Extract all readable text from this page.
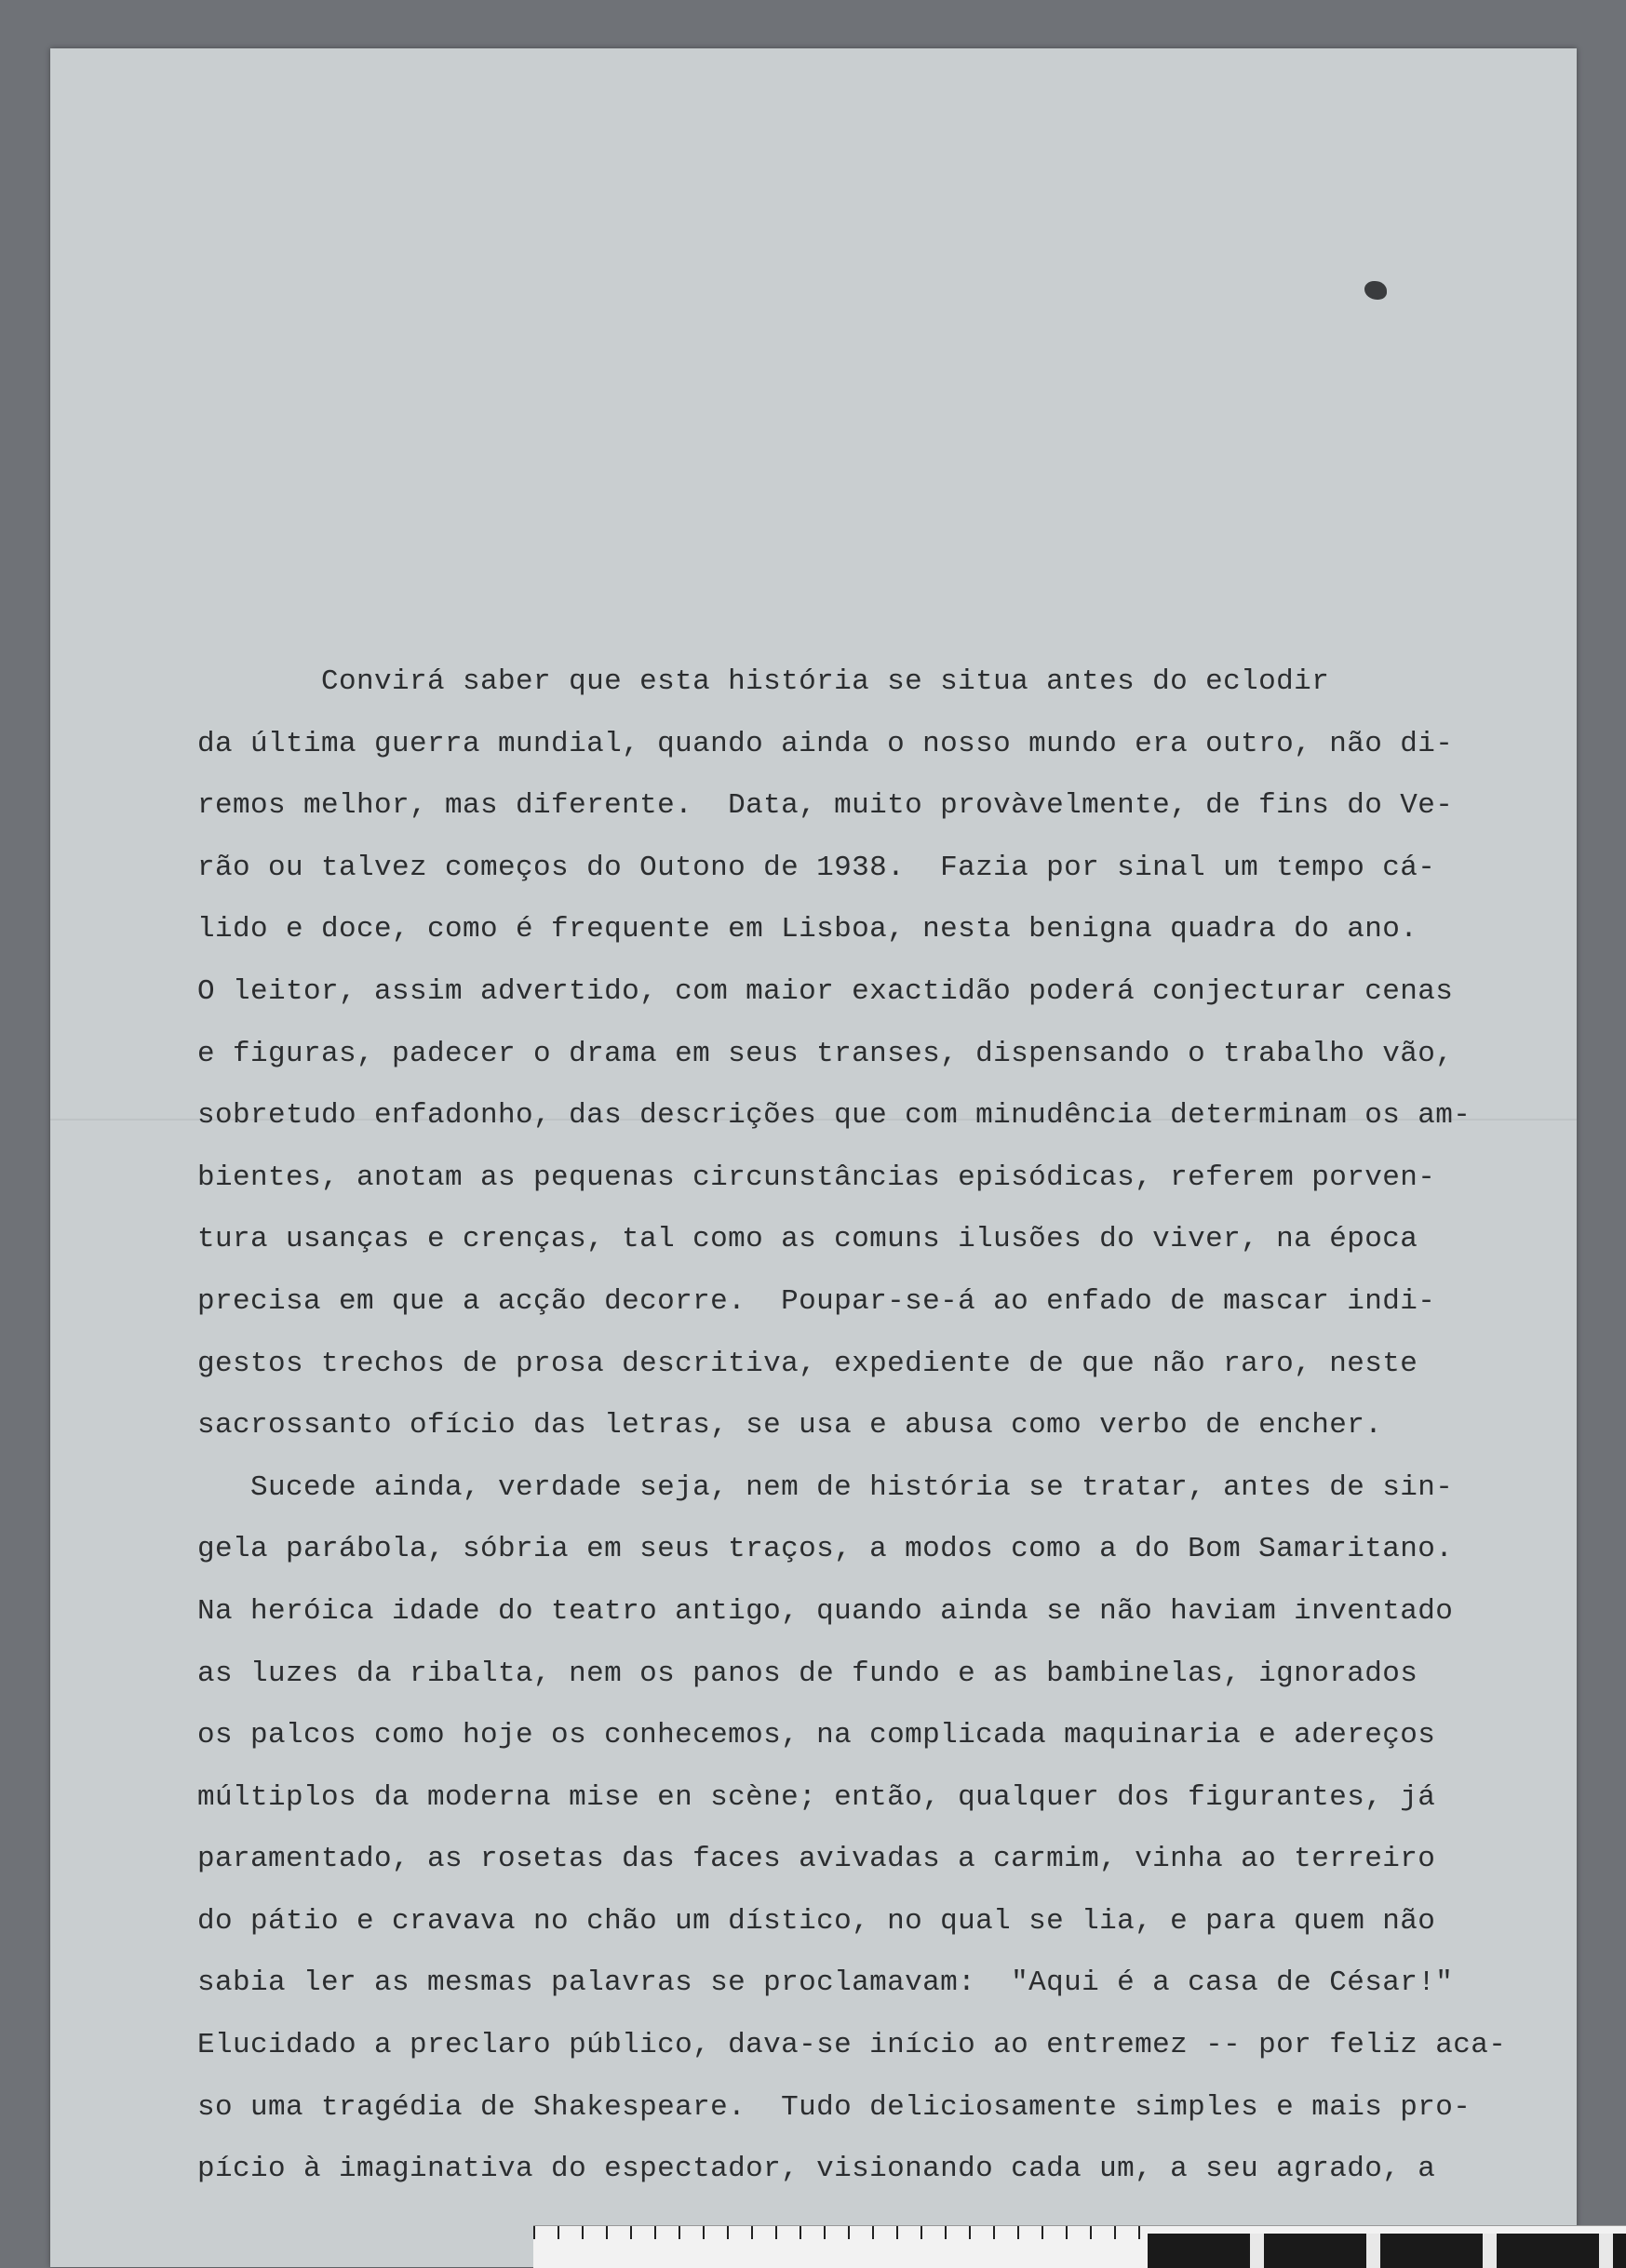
Convirá saber que esta história se situa antes do eclodir
da última guerra mundial, quando ainda o nosso mundo era outro, não di-
remos melhor, mas diferente.  Data, muito provàvelmente, de fins do Ve-
rão ou talvez começos do Outono de 1938.  Fazia por sinal um tempo cá-
lido e doce, como é frequente em Lisboa, nesta benigna quadra do ano.
O leitor, assim advertido, com maior exactidão poderá conjecturar cenas
e figuras, padecer o drama em seus transes, dispensando o trabalho vão,
sobretudo enfadonho, das descrições que com minudência determinam os am-
bientes, anotam as pequenas circunstâncias episódicas, referem porven-
tura usanças e crenças, tal como as comuns ilusões do viver, na época
precisa em que a acção decorre.  Poupar-se-á ao enfado de mascar indi-
gestos trechos de prosa descritiva, expediente de que não raro, neste
sacrossanto ofício das letras, se usa e abusa como verbo de encher.
Sucede ainda, verdade seja, nem de história se tratar, antes de sin-
gela parábola, sóbria em seus traços, a modos como a do Bom Samaritano.
Na heróica idade do teatro antigo, quando ainda se não haviam inventado
as luzes da ribalta, nem os panos de fundo e as bambinelas, ignorados
os palcos como hoje os conhecemos, na complicada maquinaria e adereços
múltiplos da moderna mise en scène; então, qualquer dos figurantes, já
paramentado, as rosetas das faces avivadas a carmim, vinha ao terreiro
do pátio e cravava no chão um dístico, no qual se lia, e para quem não
sabia ler as mesmas palavras se proclamavam:  "Aqui é a casa de César!"
Elucidado a preclaro público, dava-se início ao entremez -- por feliz aca-
so uma tragédia de Shakespeare.  Tudo deliciosamente simples e mais pro-
pício à imaginativa do espectador, visionando cada um, a seu agrado, a
